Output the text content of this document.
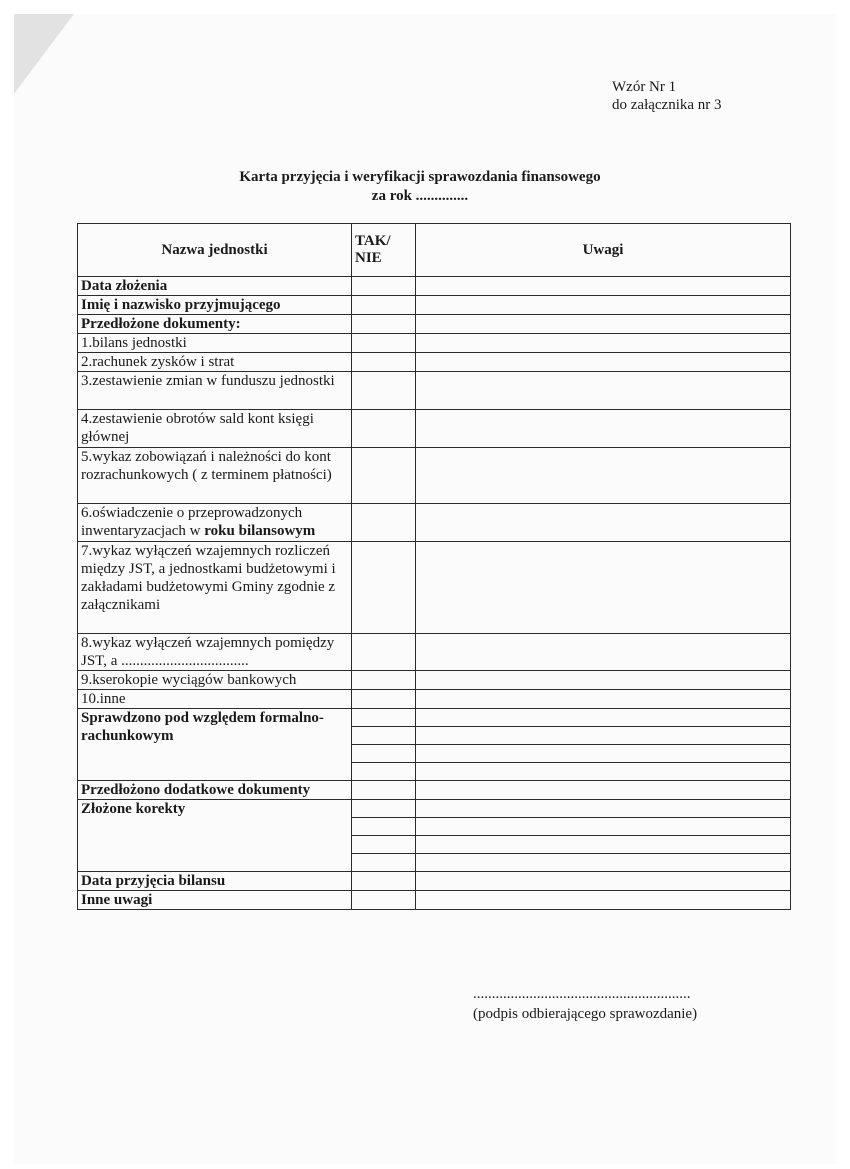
Wzór Nr 1
do załącznika nr 3
Karta przyjęcia i weryfikacji sprawozdania finansowego
za rok ..............
Nazwa jednostki	TAK/ NIE	Uwagi
Data złożenia		
Imię i nazwisko przyjmującego		
Przedłożone dokumenty:		
1.bilans jednostki		
2.rachunek zysków i strat		
3.zestawienie zmian w funduszu jednostki		
4.zestawienie obrotów sald kont księgi głównej		
5.wykaz zobowiązań i należności do kont rozrachunkowych ( z terminem płatności)		
6.oświadczenie o przeprowadzonych inwentaryzacjach w roku bilansowym		
7.wykaz wyłączeń wzajemnych rozliczeń między JST, a jednostkami budżetowymi i zakładami budżetowymi Gminy zgodnie z załącznikami		
8.wykaz wyłączeń wzajemnych pomiędzy JST, a ..................................		
9.kserokopie wyciągów bankowych		
10.inne		
Sprawdzono pod względem formalno-rachunkowym		

Przedłożono dodatkowe dokumenty		
Złożone korekty		

Data przyjęcia bilansu		
Inne uwagi		
..........................................................
(podpis odbierającego sprawozdanie)
